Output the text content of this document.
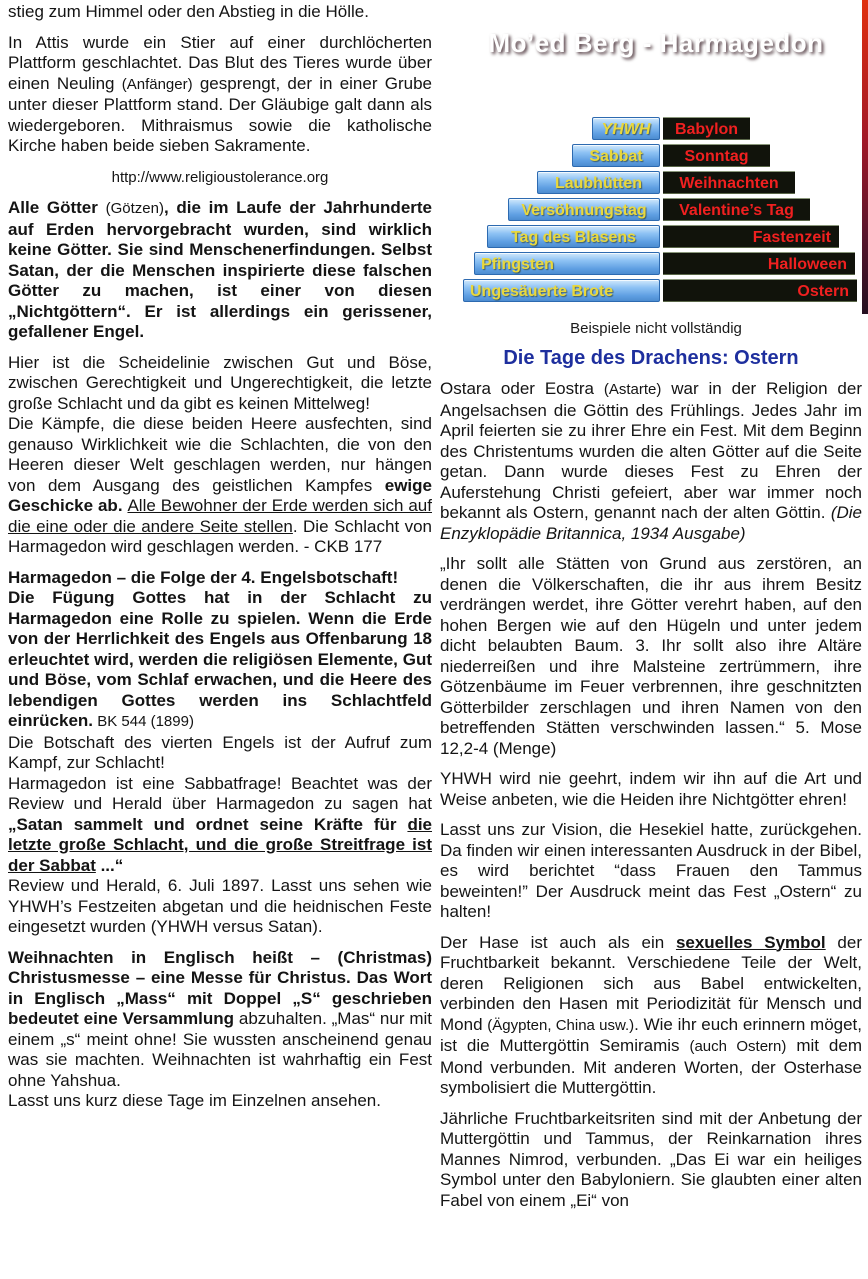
stieg zum Himmel oder den Abstieg in die Hölle.

In Attis wurde ein Stier auf einer durchlöcherten Plattform geschlachtet. Das Blut des Tieres wurde über einen Neuling (Anfänger) gesprengt, der in einer Grube unter dieser Plattform stand. Der Gläubige galt dann als wiedergeboren. Mithraismus sowie die katholische Kirche haben beide sieben Sakramente.

http://www.religioustolerance.org

Alle Götter (Götzen), die im Laufe der Jahrhunderte auf Erden hervorgebracht wurden, sind wirklich keine Götter. Sie sind Menschenerfindungen. Selbst Satan, der die Menschen inspirierte diese falschen Götter zu machen, ist einer von diesen „Nichtgöttern“. Er ist allerdings ein gerissener, gefallener Engel.

Hier ist die Scheidelinie zwischen Gut und Böse, zwischen Gerechtigkeit und Ungerechtigkeit, die letzte große Schlacht und da gibt es keinen Mittelweg!
Die Kämpfe, die diese beiden Heere ausfechten, sind genauso Wirklichkeit wie die Schlachten, die von den Heeren dieser Welt geschlagen werden, nur hängen von dem Ausgang des geistlichen Kampfes ewige Geschicke ab. Alle Bewohner der Erde werden sich auf die eine oder die andere Seite stellen. Die Schlacht von Harmagedon wird geschlagen werden. - CKB 177

Harmagedon – die Folge der 4. Engelsbotschaft!
Die Fügung Gottes hat in der Schlacht zu Harmagedon eine Rolle zu spielen. Wenn die Erde von der Herrlichkeit des Engels aus Offenbarung 18 erleuchtet wird, werden die religiösen Elemente, Gut und Böse, vom Schlaf erwachen, und die Heere des lebendigen Gottes werden ins Schlachtfeld einrücken. BK 544 (1899)
Die Botschaft des vierten Engels ist der Aufruf zum Kampf, zur Schlacht!
Harmagedon ist eine Sabbatfrage! Beachtet was der Review und Herald über Harmagedon zu sagen hat „Satan sammelt und ordnet seine Kräfte für die letzte große Schlacht, und die große Streitfrage ist der Sabbat ...“
Review und Herald, 6. Juli 1897. Lasst uns sehen wie YHWH’s Festzeiten abgetan und die heidnischen Feste eingesetzt wurden (YHWH versus Satan).

Weihnachten in Englisch heißt – (Christmas) Christusmesse – eine Messe für Christus. Das Wort in Englisch „Mass“ mit Doppel „S“ geschrieben bedeutet eine Versammlung abzuhalten. „Mas“ nur mit einem „s“ meint ohne! Sie wussten anscheinend genau was sie machten. Weihnachten ist wahrhaftig ein Fest ohne Yahshua.
Lasst uns kurz diese Tage im Einzelnen ansehen.

Mo’ed Berg - Harmagedon
YHWH	Babylon
Sabbat	Sonntag
Laubhütten	Weihnachten
Versöhnungstag	Valentine’s Tag
Tag des Blasens	Fastenzeit
Pfingsten	Halloween
Ungesäuerte Brote	Ostern
Beispiele nicht vollständig
Die Tage des Drachens: Ostern

Ostara oder Eostra (Astarte) war in der Religion der Angelsachsen die Göttin des Frühlings. Jedes Jahr im April feierten sie zu ihrer Ehre ein Fest. Mit dem Beginn des Christentums wurden die alten Götter auf die Seite getan. Dann wurde dieses Fest zu Ehren der Auferstehung Christi gefeiert, aber war immer noch bekannt als Ostern, genannt nach der alten Göttin. (Die Enzyklopädie Britannica, 1934 Ausgabe)

„Ihr sollt alle Stätten von Grund aus zerstören, an denen die Völkerschaften, die ihr aus ihrem Besitz verdrängen werdet, ihre Götter verehrt haben, auf den hohen Bergen wie auf den Hügeln und unter jedem dicht belaubten Baum. 3. Ihr sollt also ihre Altäre niederreißen und ihre Malsteine zertrümmern, ihre Götzenbäume im Feuer verbrennen, ihre geschnitzten Götterbilder zerschlagen und ihren Namen von den betreffenden Stätten verschwinden lassen.“ 5. Mose 12,2-4 (Menge)

YHWH wird nie geehrt, indem wir ihn auf die Art und Weise anbeten, wie die Heiden ihre Nichtgötter ehren!

Lasst uns zur Vision, die Hesekiel hatte, zurückgehen. Da finden wir einen interessanten Ausdruck in der Bibel, es wird berichtet “dass Frauen den Tammus beweinten!” Der Ausdruck meint das Fest „Ostern“ zu halten!

Der Hase ist auch als ein sexuelles Symbol der Fruchtbarkeit bekannt. Verschiedene Teile der Welt, deren Religionen sich aus Babel entwickelten, verbinden den Hasen mit Periodizität für Mensch und Mond (Ägypten, China usw.). Wie ihr euch erinnern möget, ist die Muttergöttin Semiramis (auch Ostern) mit dem Mond verbunden. Mit anderen Worten, der Osterhase symbolisiert die Muttergöttin.

Jährliche Fruchtbarkeitsriten sind mit der Anbetung der Muttergöttin und Tammus, der Reinkarnation ihres Mannes Nimrod, verbunden. „Das Ei war ein heiliges Symbol unter den Babyloniern. Sie glaubten einer alten Fabel von einem „Ei“ von
